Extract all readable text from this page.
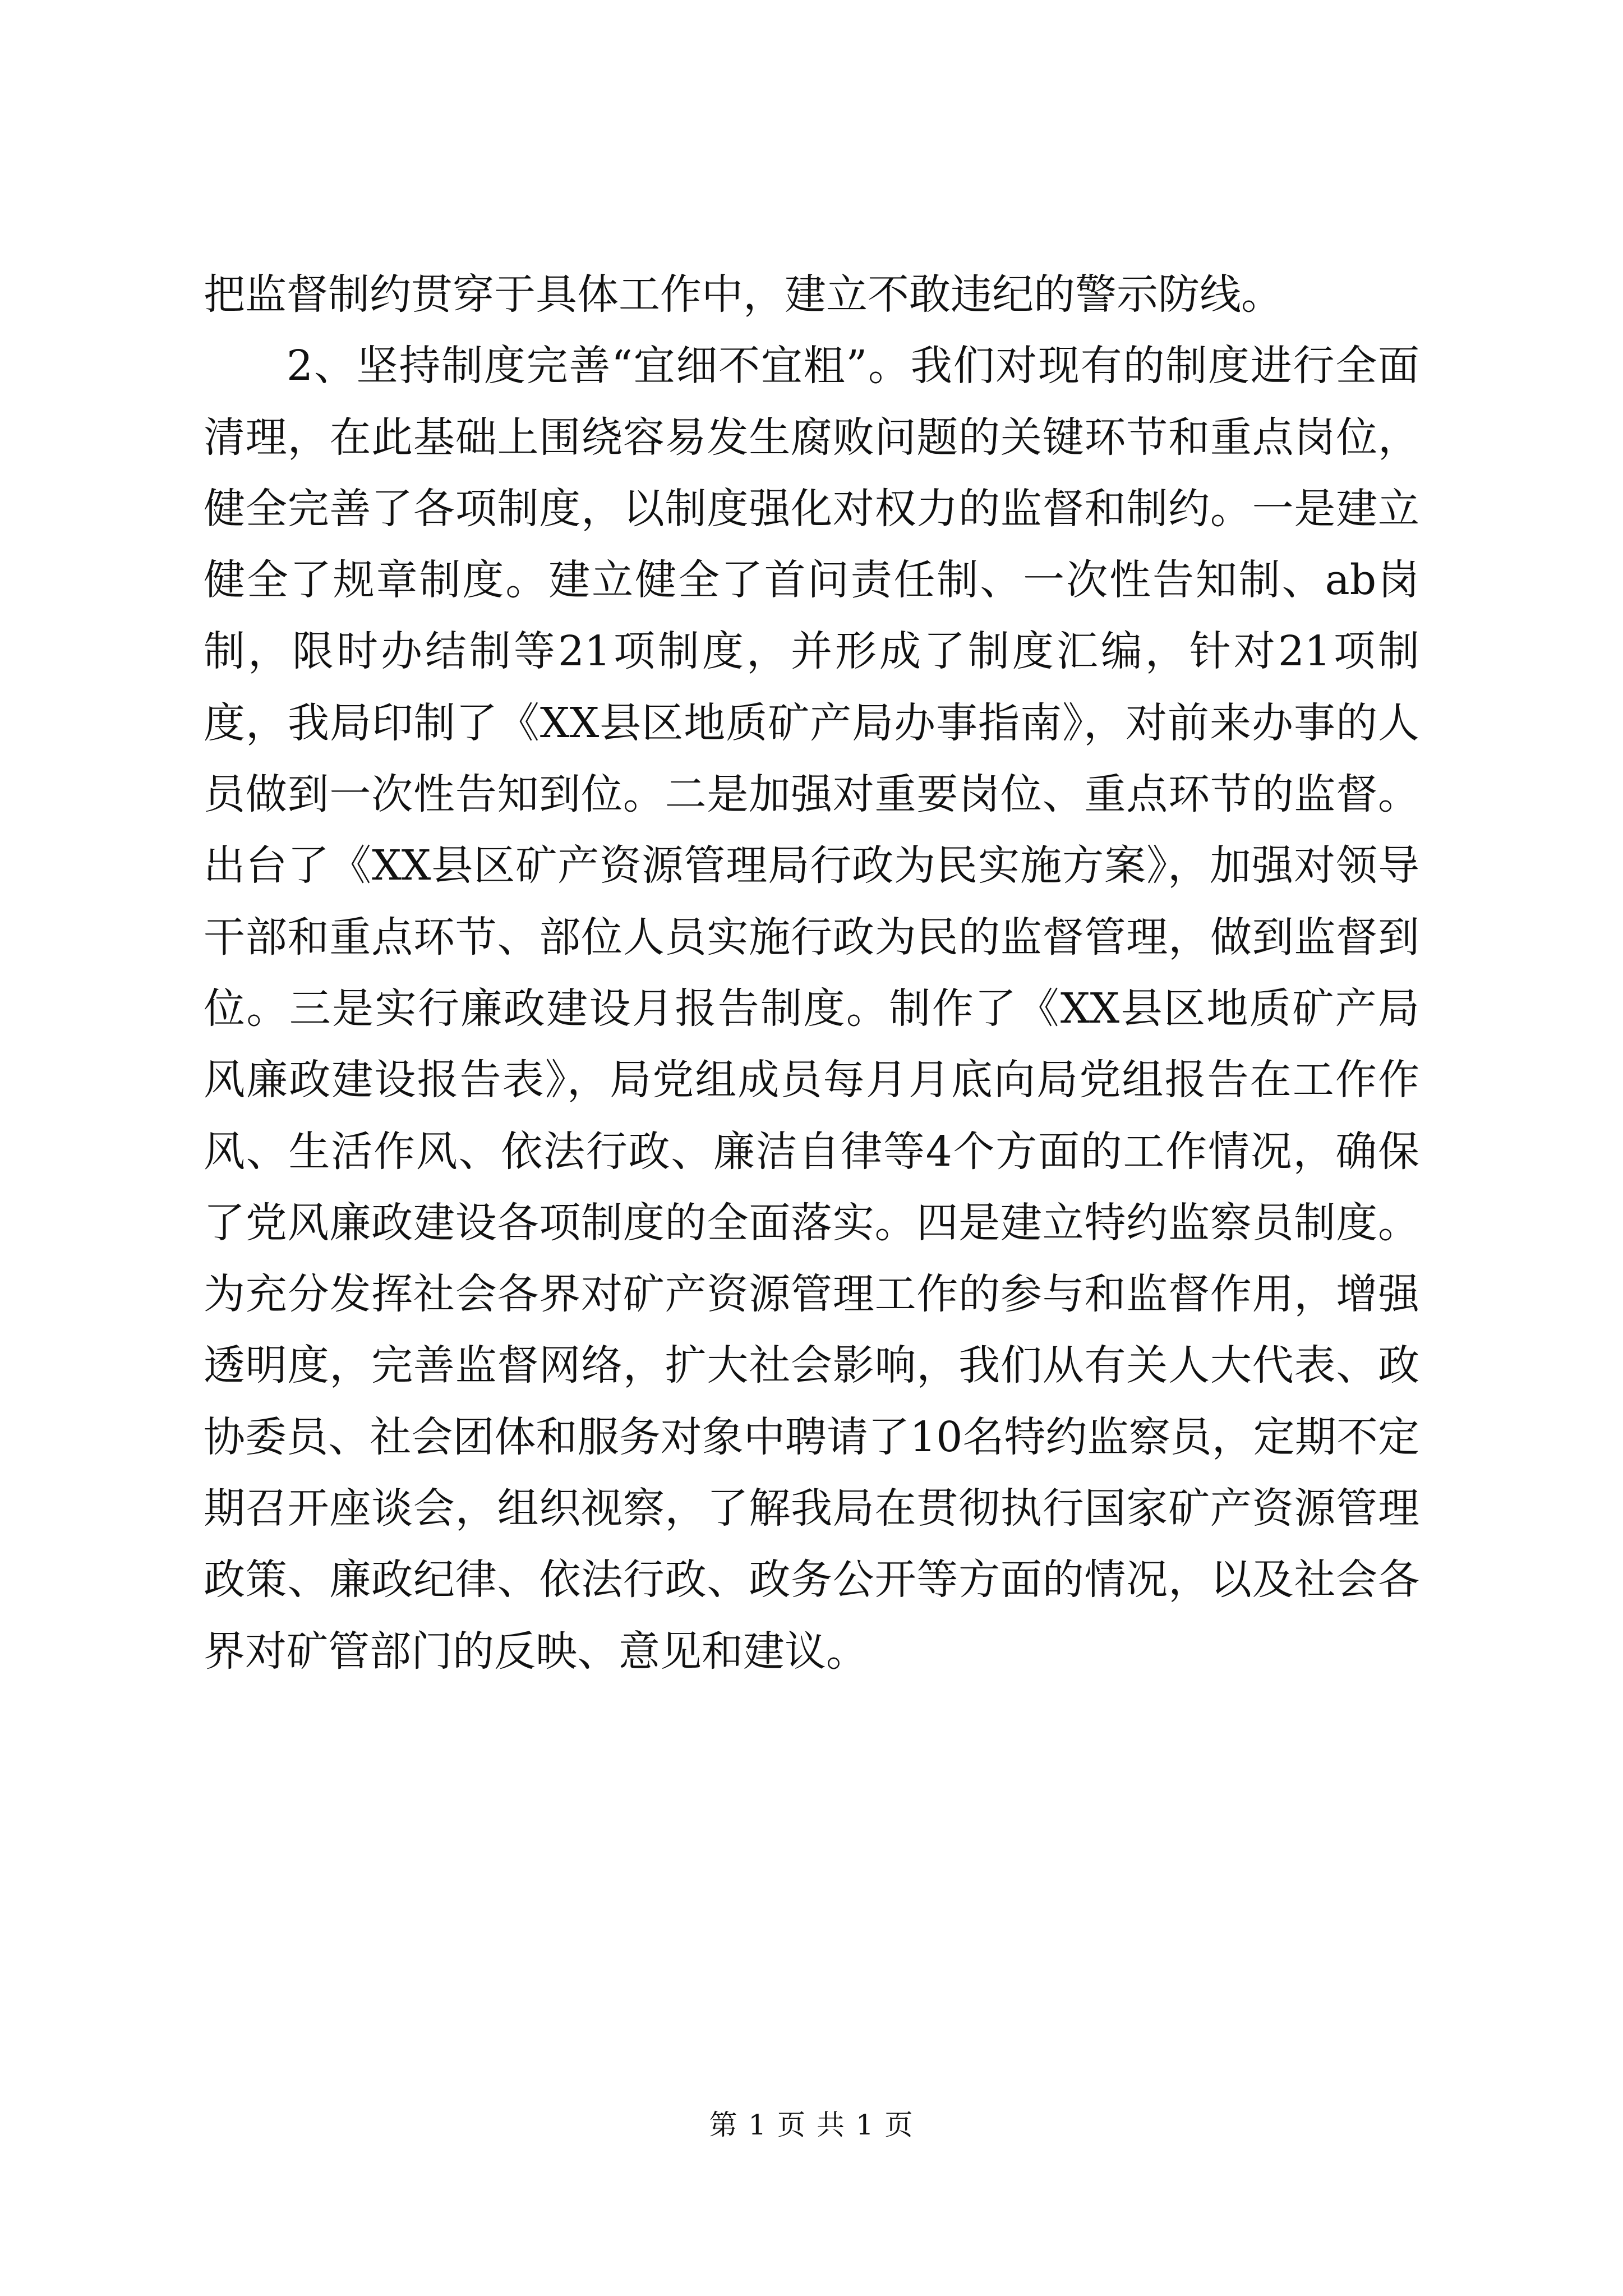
把监督制约贯穿于具体工作中，建立不敢违纪的警示防线。

2、坚持制度完善“宜细不宜粗”。我们对现有的制度进行全面清理，在此基础上围绕容易发生腐败问题的关键环节和重点岗位，健全完善了各项制度，以制度强化对权力的监督和制约。一是建立健全了规章制度。建立健全了首问责任制、一次性告知制、ab岗制，限时办结制等21项制度，并形成了制度汇编，针对21项制度，我局印制了《XX县区地质矿产局办事指南》，对前来办事的人员做到一次性告知到位。二是加强对重要岗位、重点环节的监督。出台了《XX县区矿产资源管理局行政为民实施方案》，加强对领导干部和重点环节、部位人员实施行政为民的监督管理，做到监督到位。三是实行廉政建设月报告制度。制作了《XX县区地质矿产局风廉政建设报告表》，局党组成员每月月底向局党组报告在工作作风、生活作风、依法行政、廉洁自律等4个方面的工作情况，确保了党风廉政建设各项制度的全面落实。四是建立特约监察员制度。为充分发挥社会各界对矿产资源管理工作的参与和监督作用，增强透明度，完善监督网络，扩大社会影响，我们从有关人大代表、政协委员、社会团体和服务对象中聘请了10名特约监察员，定期不定期召开座谈会，组织视察，了解我局在贯彻执行国家矿产资源管理政策、廉政纪律、依法行政、政务公开等方面的情况，以及社会各界对矿管部门的反映、意见和建议。

第 1 页 共 1 页
